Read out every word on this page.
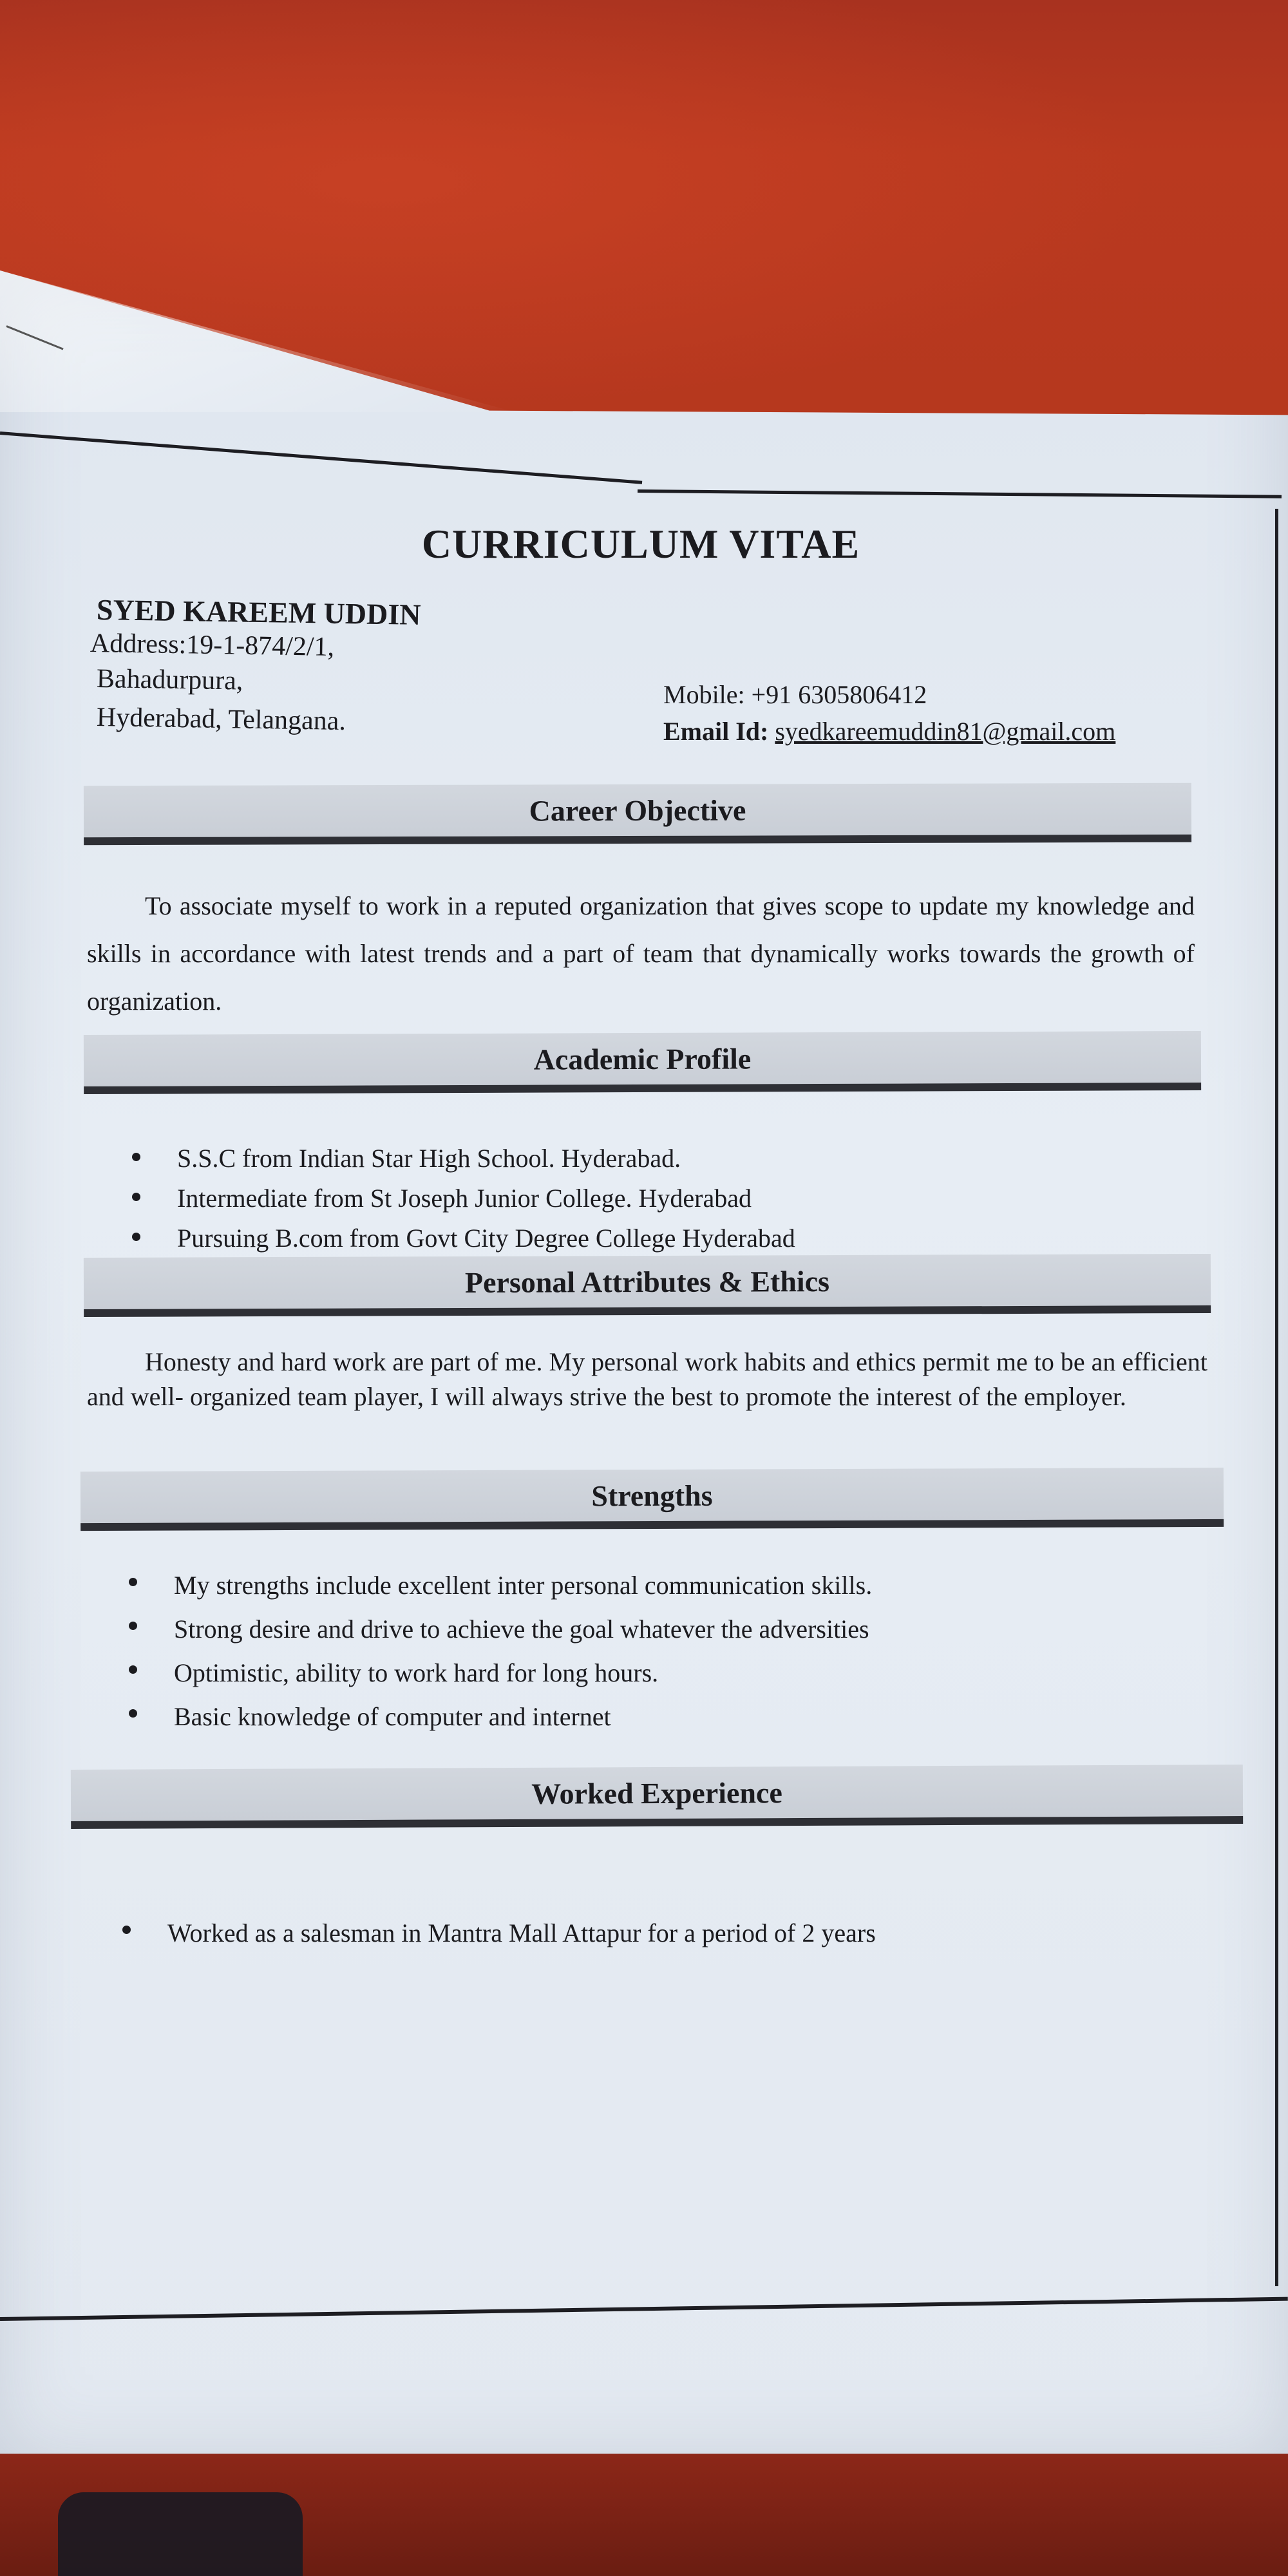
CURRICULUM VITAE
SYED KAREEM UDDIN
Address:19-1-874/2/1,
Bahadurpura,
Hyderabad, Telangana.
Mobile: +91 6305806412
Email Id: syedkareemuddin81@gmail.com
Career Objective
To associate myself to work in a reputed organization that gives scope to update my knowledge and skills in accordance with latest trends and a part of team that dynamically works towards the growth of organization.
Academic Profile
S.S.C from Indian Star High School. Hyderabad.
Intermediate from St Joseph Junior College. Hyderabad
Pursuing B.com from Govt City Degree College Hyderabad
Personal Attributes & Ethics
Honesty and hard work are part of me. My personal work habits and ethics permit me to be an efficient and well- organized team player, I will always strive the best to promote the interest of the employer.
Strengths
My strengths include excellent inter personal communication skills.
Strong desire and drive to achieve the goal whatever the adversities
Optimistic, ability to work hard for long hours.
Basic knowledge of computer and internet
Worked Experience
Worked as a salesman in Mantra Mall Attapur for a period of 2 years
